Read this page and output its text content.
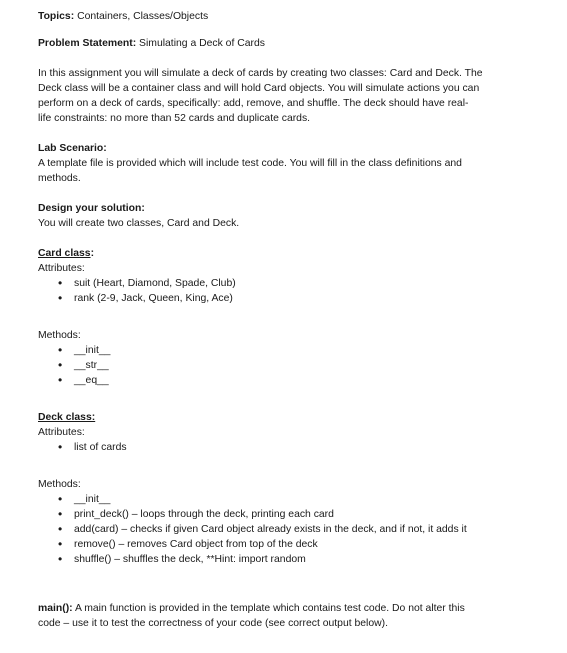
Topics: Containers, Classes/Objects

Problem Statement: Simulating a Deck of Cards

In this assignment you will simulate a deck of cards by creating two classes: Card and Deck. The

Deck class will be a container class and will hold Card objects. You will simulate actions you can

perform on a deck of cards, specifically: add, remove, and shuffle. The deck should have real-

life constraints: no more than 52 cards and duplicate cards.

Lab Scenario:

A template file is provided which will include test code. You will fill in the class definitions and

methods.

Design your solution:

You will create two classes, Card and Deck.

Card class:

Attributes:

• suit (Heart, Diamond, Spade, Club)
• rank (2-9, Jack, Queen, King, Ace)

Methods:

• __init__
• __str__
• __eq__

Deck class:

Attributes:

• list of cards

Methods:

• __init__
• print_deck() – loops through the deck, printing each card
• add(card) – checks if given Card object already exists in the deck, and if not, it adds it
• remove() – removes Card object from top of the deck
• shuffle() – shuffles the deck, **Hint: import random

main(): A main function is provided in the template which contains test code. Do not alter this

code – use it to test the correctness of your code (see correct output below).
